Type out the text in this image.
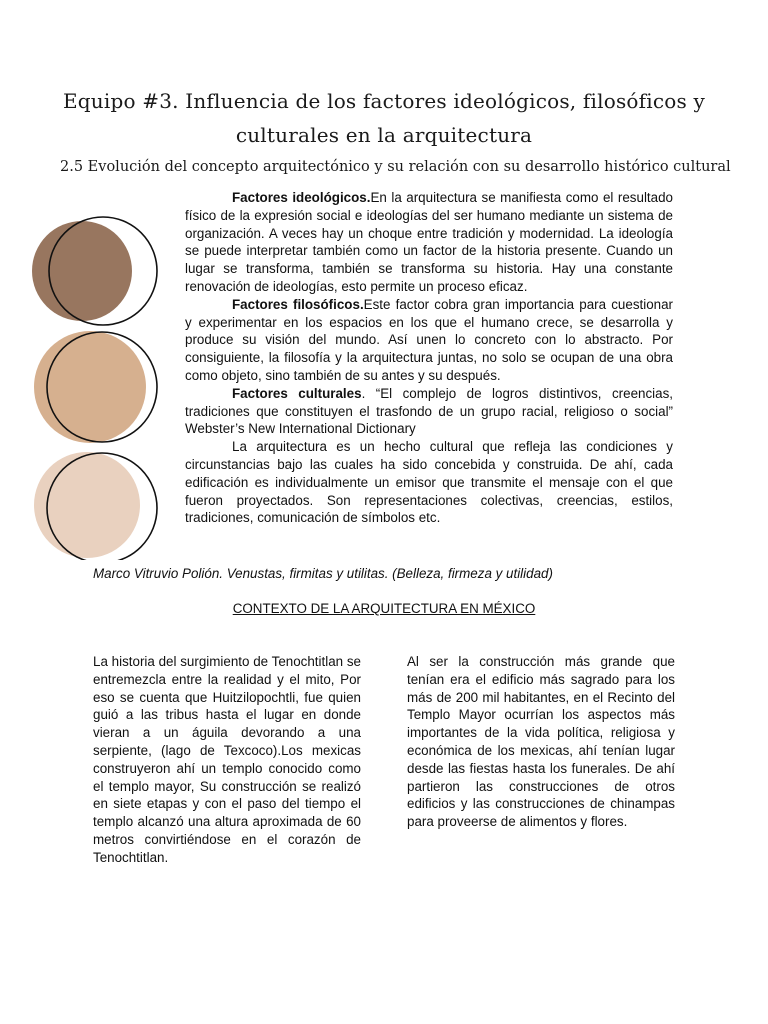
Equipo #3. Influencia de los factores ideológicos, filosóficos y culturales en la arquitectura
2.5 Evolución del concepto arquitectónico y su relación con su desarrollo histórico cultural

Factores ideológicos.En la arquitectura se manifiesta como el resultado físico de la expresión social e ideologías del ser humano mediante un sistema de organización. A veces hay un choque entre tradición y modernidad. La ideología se puede interpretar también como un factor de la historia presente. Cuando un lugar se transforma, también se transforma su historia. Hay una constante renovación de ideologías, esto permite un proceso eficaz.

Factores filosóficos.Este factor cobra gran importancia para cuestionar y experimentar en los espacios en los que el humano crece, se desarrolla y produce su visión del mundo. Así unen lo concreto con lo abstracto. Por consiguiente, la filosofía y la arquitectura juntas, no solo se ocupan de una obra como objeto, sino también de su antes y su después.

Factores culturales. “El complejo de logros distintivos, creencias, tradiciones que constituyen el trasfondo de un grupo racial, religioso o social” Webster’s New International Dictionary

La arquitectura es un hecho cultural que refleja las condiciones y circunstancias bajo las cuales ha sido concebida y construida. De ahí, cada edificación es individualmente un emisor que transmite el mensaje con el que fueron proyectados. Son representaciones colectivas, creencias, estilos, tradiciones, comunicación de símbolos etc.

Marco Vitruvio Polión. Venustas, firmitas y utilitas. (Belleza, firmeza y utilidad)
CONTEXTO DE LA ARQUITECTURA EN MÉXICO

La historia del surgimiento de Tenochtitlan se entremezcla entre la realidad y el mito, Por eso se cuenta que Huitzilopochtli, fue quien guió a las tribus hasta el lugar en donde vieran a un águila devorando a una serpiente, (lago de Texcoco).Los mexicas construyeron ahí un templo conocido como el templo mayor, Su construcción se realizó en siete etapas y con el paso del tiempo el templo alcanzó una altura aproximada de 60 metros convirtiéndose en el corazón de Tenochtitlan.

Al ser la construcción más grande que tenían era el edificio más sagrado para los más de 200 mil habitantes, en el Recinto del Templo Mayor ocurrían los aspectos más importantes de la vida política, religiosa y económica de los mexicas, ahí tenían lugar desde las fiestas hasta los funerales. De ahí partieron las construcciones de otros edificios y las construcciones de chinampas para proveerse de alimentos y flores.
